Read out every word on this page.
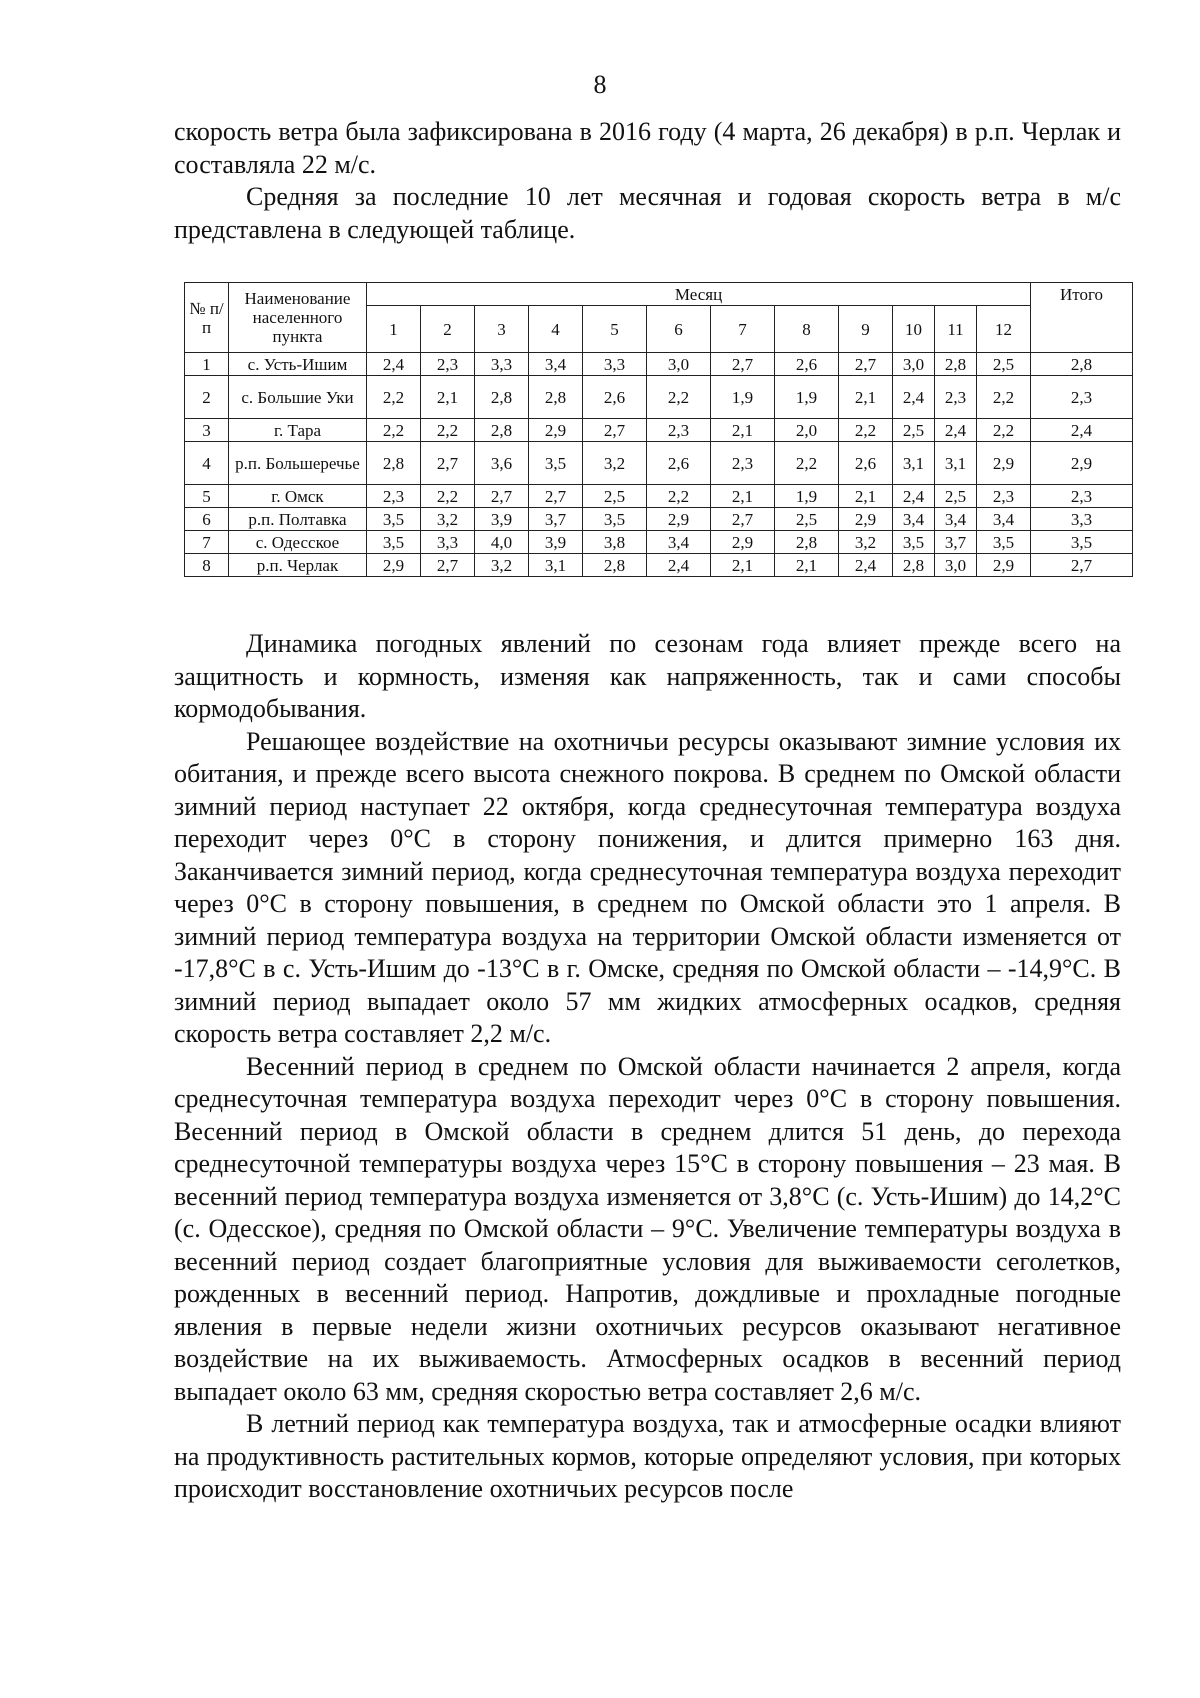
8

скорость ветра была зафиксирована в 2016 году (4 марта, 26 декабря) в р.п. Черлак и составляла 22 м/с.

Средняя за последние 10 лет месячная и годовая скорость ветра в м/с представлена в следующей таблице.

№ п/п	Наименование населенного пункта	Месяц												Итого
		1	2	3	4	5	6	7	8	9	10	11	12	
1	с. Усть-Ишим	2,4	2,3	3,3	3,4	3,3	3,0	2,7	2,6	2,7	3,0	2,8	2,5	2,8
2	с. Большие Уки	2,2	2,1	2,8	2,8	2,6	2,2	1,9	1,9	2,1	2,4	2,3	2,2	2,3
3	г. Тара	2,2	2,2	2,8	2,9	2,7	2,3	2,1	2,0	2,2	2,5	2,4	2,2	2,4
4	р.п. Большеречье	2,8	2,7	3,6	3,5	3,2	2,6	2,3	2,2	2,6	3,1	3,1	2,9	2,9
5	г. Омск	2,3	2,2	2,7	2,7	2,5	2,2	2,1	1,9	2,1	2,4	2,5	2,3	2,3
6	р.п. Полтавка	3,5	3,2	3,9	3,7	3,5	2,9	2,7	2,5	2,9	3,4	3,4	3,4	3,3
7	с. Одесское	3,5	3,3	4,0	3,9	3,8	3,4	2,9	2,8	3,2	3,5	3,7	3,5	3,5
8	р.п. Черлак	2,9	2,7	3,2	3,1	2,8	2,4	2,1	2,1	2,4	2,8	3,0	2,9	2,7

Динамика погодных явлений по сезонам года влияет прежде всего на защитность и кормность, изменяя как напряженность, так и сами способы кормодобывания.

Решающее воздействие на охотничьи ресурсы оказывают зимние условия их обитания, и прежде всего высота снежного покрова. В среднем по Омской области зимний период наступает 22 октября, когда среднесуточная температура воздуха переходит через 0°С в сторону понижения, и длится примерно 163 дня. Заканчивается зимний период, когда среднесуточная температура воздуха переходит через 0°С в сторону повышения, в среднем по Омской области это 1 апреля. В зимний период температура воздуха на территории Омской области изменяется от -17,8°С в с. Усть-Ишим до -13°С в г. Омске, средняя по Омской области – -14,9°С. В зимний период выпадает около 57 мм жидких атмосферных осадков, средняя скорость ветра составляет 2,2 м/с.

Весенний период в среднем по Омской области начинается 2 апреля, когда среднесуточная температура воздуха переходит через 0°С в сторону повышения. Весенний период в Омской области в среднем длится 51 день, до перехода среднесуточной температуры воздуха через 15°С в сторону повышения – 23 мая. В весенний период температура воздуха изменяется от 3,8°С (с. Усть-Ишим) до 14,2°С (с. Одесское), средняя по Омской области – 9°С. Увеличение температуры воздуха в весенний период создает благоприятные условия для выживаемости сеголетков, рожденных в весенний период. Напротив, дождливые и прохладные погодные явления в первые недели жизни охотничьих ресурсов оказывают негативное воздействие на их выживаемость. Атмосферных осадков в весенний период выпадает около 63 мм, средняя скоростью ветра составляет 2,6 м/с.

В летний период как температура воздуха, так и атмосферные осадки влияют на продуктивность растительных кормов, которые определяют условия, при которых происходит восстановление охотничьих ресурсов после
